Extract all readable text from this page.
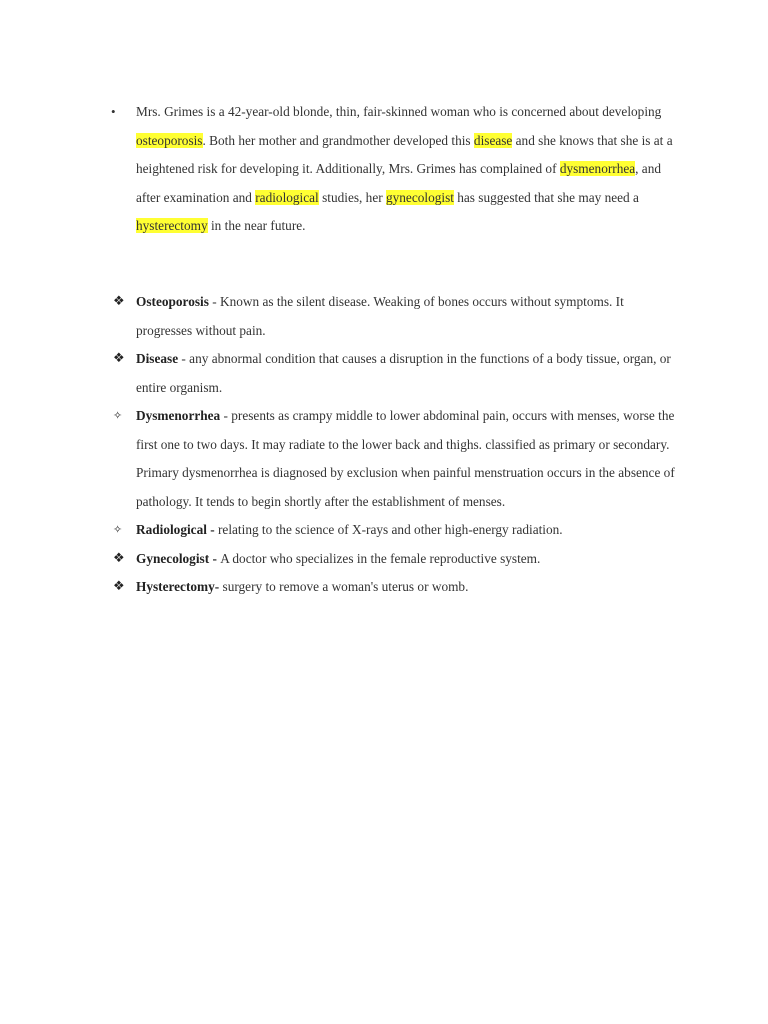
• Mrs. Grimes is a 42-year-old blonde, thin, fair-skinned woman who is concerned about developing osteoporosis. Both her mother and grandmother developed this disease and she knows that she is at a heightened risk for developing it. Additionally, Mrs. Grimes has complained of dysmenorrhea, and after examination and radiological studies, her gynecologist has suggested that she may need a hysterectomy in the near future.

❖ Osteoporosis - Known as the silent disease. Weaking of bones occurs without symptoms. It progresses without pain.
❖ Disease - any abnormal condition that causes a disruption in the functions of a body tissue, organ, or entire organism.
✧ Dysmenorrhea - presents as crampy middle to lower abdominal pain, occurs with menses, worse the first one to two days. It may radiate to the lower back and thighs. classified as primary or secondary. Primary dysmenorrhea is diagnosed by exclusion when painful menstruation occurs in the absence of pathology. It tends to begin shortly after the establishment of menses.
✧ Radiological - relating to the science of X-rays and other high-energy radiation.
❖ Gynecologist - A doctor who specializes in the female reproductive system.
❖ Hysterectomy- surgery to remove a woman's uterus or womb.
